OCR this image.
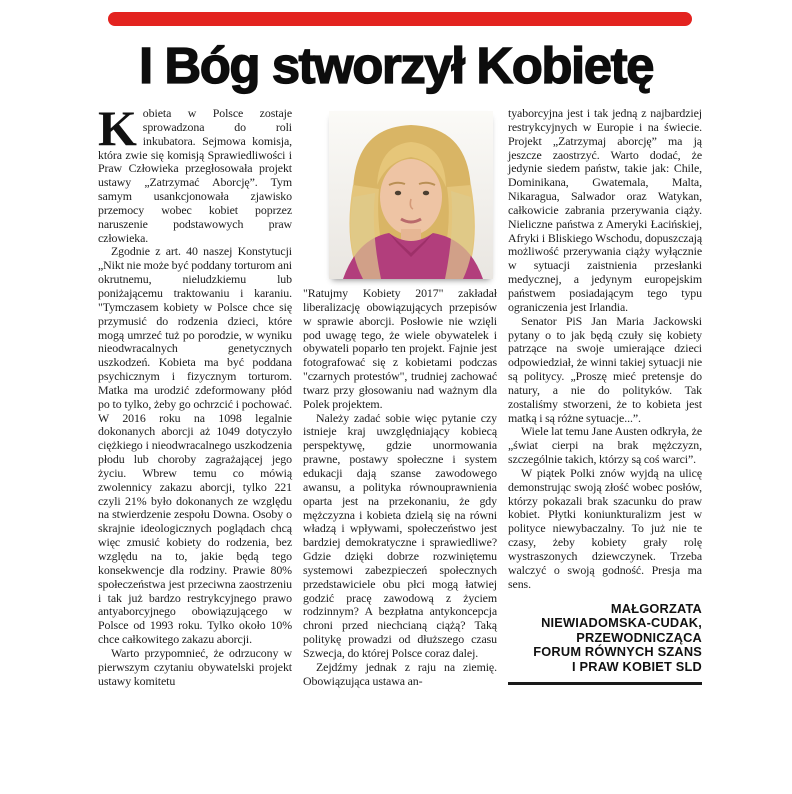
I Bóg stworzył Kobietę

Kobieta w Polsce zostaje sprowadzona do roli inkubatora. Sejmowa komisja, która zwie się komisją Sprawiedliwości i Praw Człowieka przegłosowała projekt ustawy „Zatrzymać Aborcję”. Tym samym usankcjonowała zjawisko przemocy wobec kobiet poprzez naruszenie podstawowych praw człowieka.

Zgodnie z art. 40 naszej Konstytucji „Nikt nie może być poddany torturom ani okrutnemu, nieludzkiemu lub poniżającemu traktowaniu i karaniu. "Tymczasem kobiety w Polsce chce się przymusić do rodzenia dzieci, które mogą umrzeć tuż po porodzie, w wyniku nieodwracalnych genetycznych uszkodzeń. Kobieta ma być poddana psychicznym i fizycznym torturom. Matka ma urodzić zdeformowany płód po to tylko, żeby go ochrzcić i pochować. W 2016 roku na 1098 legalnie dokonanych aborcji aż 1049 dotyczyło ciężkiego i nieodwracalnego uszkodzenia płodu lub choroby zagrażającej jego życiu. Wbrew temu co mówią zwolennicy zakazu aborcji, tylko 221 czyli 21% było dokonanych ze względu na stwierdzenie zespołu Downa. Osoby o skrajnie ideologicznych poglądach chcą więc zmusić kobiety do rodzenia, bez względu na to, jakie będą tego konsekwencje dla rodziny. Prawie 80% społeczeństwa jest przeciwna zaostrzeniu i tak już bardzo restrykcyjnego prawo antyaborcyjnego obowiązującego w Polsce od 1993 roku. Tylko około 10% chce całkowitego zakazu aborcji.

Warto przypomnieć, że odrzucony w pierwszym czytaniu obywatelski projekt ustawy komitetu

"Ratujmy Kobiety 2017" zakładał liberalizację obowiązujących przepisów w sprawie aborcji. Posłowie nie wzięli pod uwagę tego, że wiele obywatelek i obywateli poparło ten projekt. Fajnie jest fotografować się z kobietami podczas "czarnych protestów", trudniej zachować twarz przy głosowaniu nad ważnym dla Polek projektem.

Należy zadać sobie więc pytanie czy istnieje kraj uwzględniający kobiecą perspektywę, gdzie unormowania prawne, postawy społeczne i system edukacji dają szanse zawodowego awansu, a polityka równouprawnienia oparta jest na przekonaniu, że gdy mężczyzna i kobieta dzielą się na równi władzą i wpływami, społeczeństwo jest bardziej demokratyczne i sprawiedliwe? Gdzie dzięki dobrze rozwiniętemu systemowi zabezpieczeń społecznych przedstawiciele obu płci mogą łatwiej godzić pracę zawodową z życiem rodzinnym? A bezpłatna antykoncepcja chroni przed niechcianą ciążą? Taką politykę prowadzi od dłuższego czasu Szwecja, do której Polsce coraz dalej.

Zejdźmy jednak z raju na ziemię. Obowiązująca ustawa an-

tyaborcyjna jest i tak jedną z najbardziej restrykcyjnych w Europie i na świecie. Projekt „Zatrzymaj aborcję” ma ją jeszcze zaostrzyć. Warto dodać, że jedynie siedem państw, takie jak: Chile, Dominikana, Gwatemala, Malta, Nikaragua, Salwador oraz Watykan, całkowicie zabrania przerywania ciąży. Nieliczne państwa z Ameryki Łacińskiej, Afryki i Bliskiego Wschodu, dopuszczają możliwość przerywania ciąży wyłącznie w sytuacji zaistnienia przesłanki medycznej, a jedynym europejskim państwem posiadającym tego typu ograniczenia jest Irlandia.

Senator PiS Jan Maria Jackowski pytany o to jak będą czuły się kobiety patrzące na swoje umierające dzieci odpowiedział, że winni takiej sytuacji nie są politycy. „Proszę mieć pretensje do natury, a nie do polityków. Tak zostaliśmy stworzeni, że to kobieta jest matką i są różne sytuacje...”.

Wiele lat temu Jane Austen odkryła, że „świat cierpi na brak mężczyzn, szczególnie takich, którzy są coś warci”.

W piątek Polki znów wyjdą na ulicę demonstrując swoją złość wobec posłów, którzy pokazali brak szacunku do praw kobiet. Płytki koniunkturalizm jest w polityce niewybaczalny. To już nie te czasy, żeby kobiety grały rolę wystraszonych dziewczynek. Trzeba walczyć o swoją godność. Presja ma sens.

MAŁGORZATA
NIEWIADOMSKA-CUDAK,
PRZEWODNICZĄCA
FORUM RÓWNYCH SZANS
I PRAW KOBIET SLD
